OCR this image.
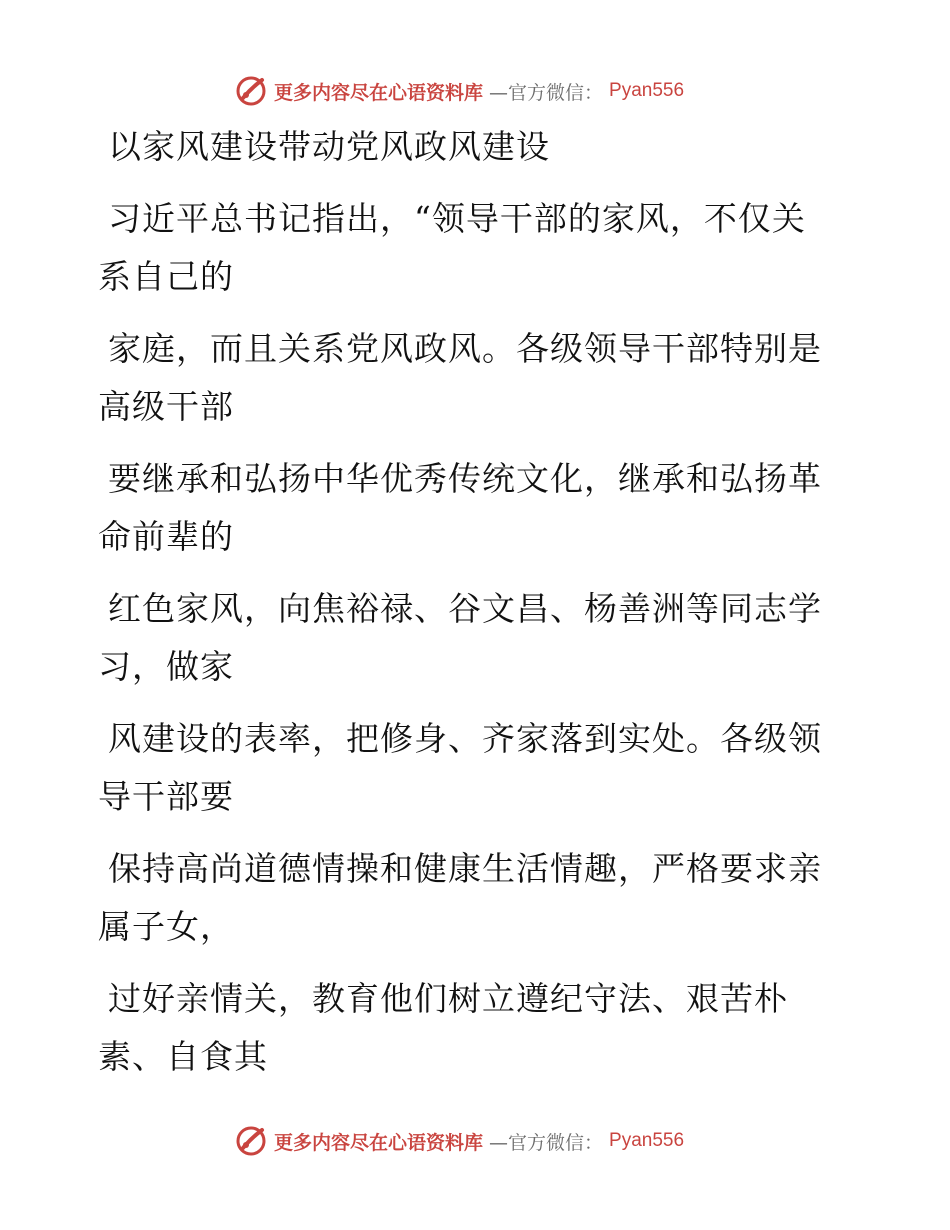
更多内容尽在心语资料库 —官方微信： Pyan556
以家风建设带动党风政风建设

习近平总书记指出，“领导干部的家风，不仅关
系自己的

家庭，而且关系党风政风。各级领导干部特别是
高级干部

要继承和弘扬中华优秀传统文化，继承和弘扬革
命前辈的

红色家风，向焦裕禄、谷文昌、杨善洲等同志学
习，做家

风建设的表率，把修身、齐家落到实处。各级领
导干部要

保持高尚道德情操和健康生活情趣，严格要求亲
属子女，

过好亲情关，教育他们树立遵纪守法、艰苦朴
素、自食其

更多内容尽在心语资料库 —官方微信： Pyan556
